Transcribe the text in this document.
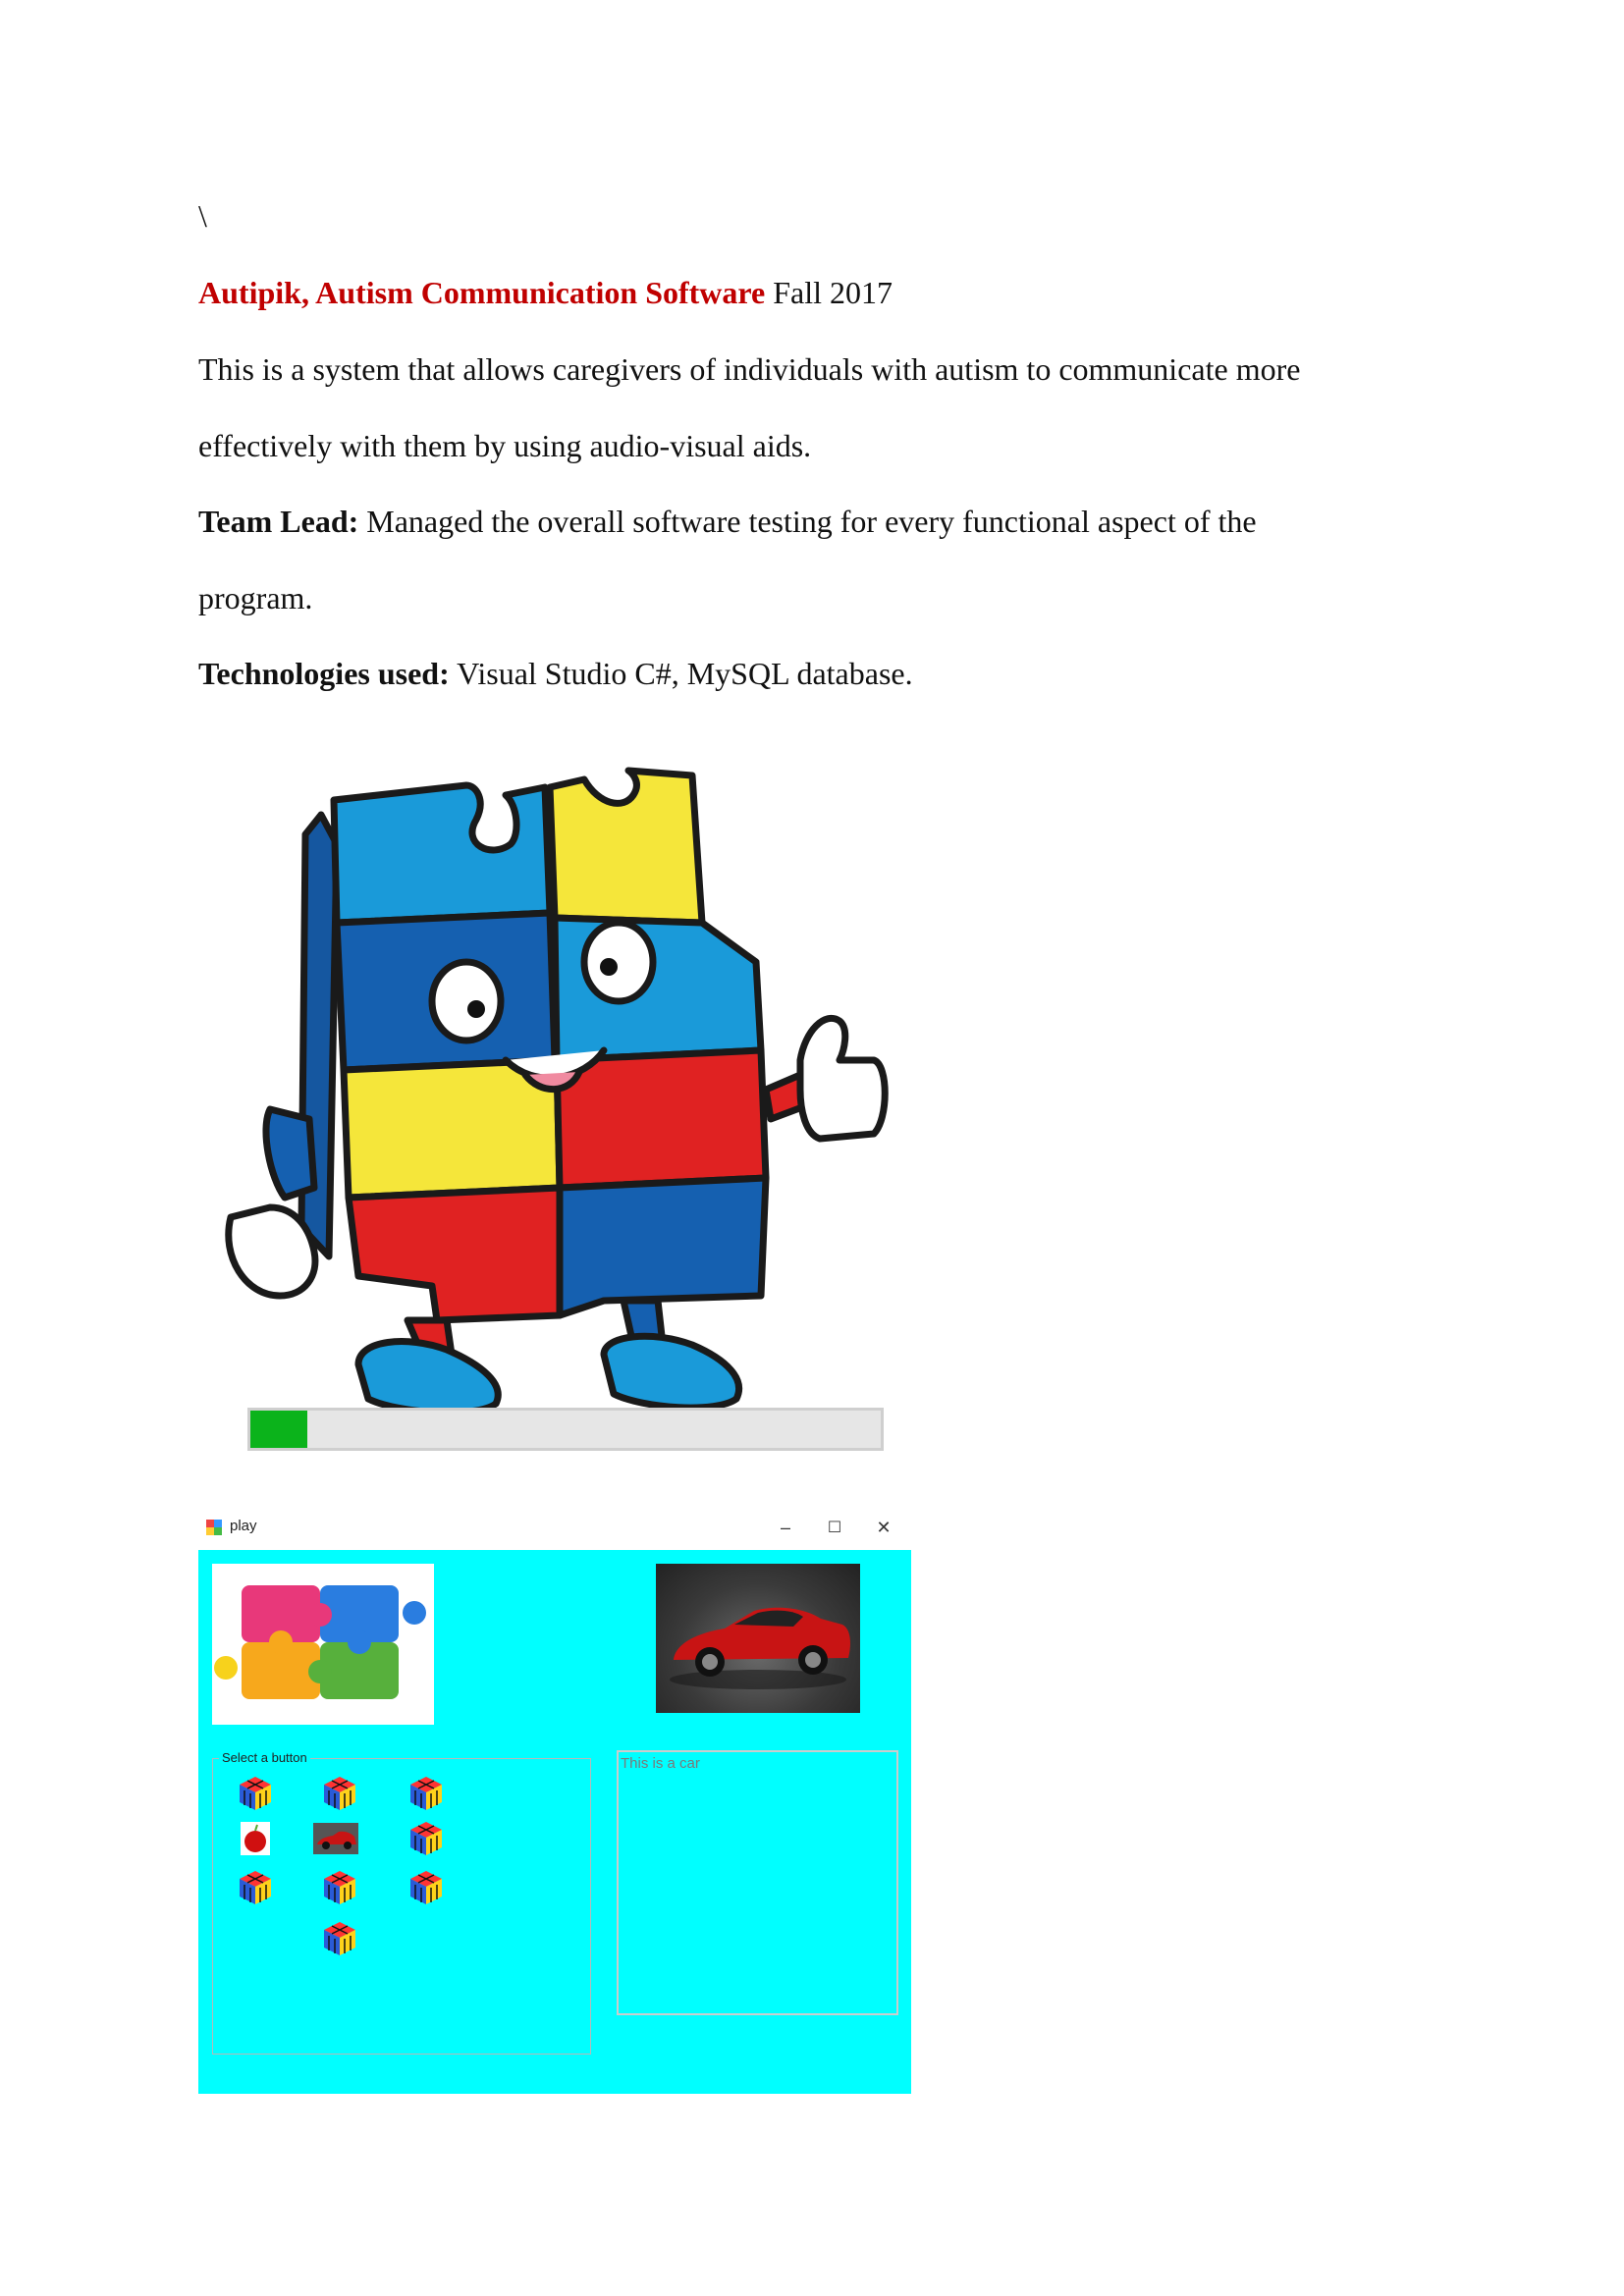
\
Autipik, Autism Communication Software Fall 2017
This is a system that allows caregivers of individuals with autism to communicate more
effectively with them by using audio-visual aids.
Team Lead: Managed the overall software testing for every functional aspect of the
program.
Technologies used: Visual Studio C#, MySQL database.
play	–	☐	✕
Select a button	This is a car
